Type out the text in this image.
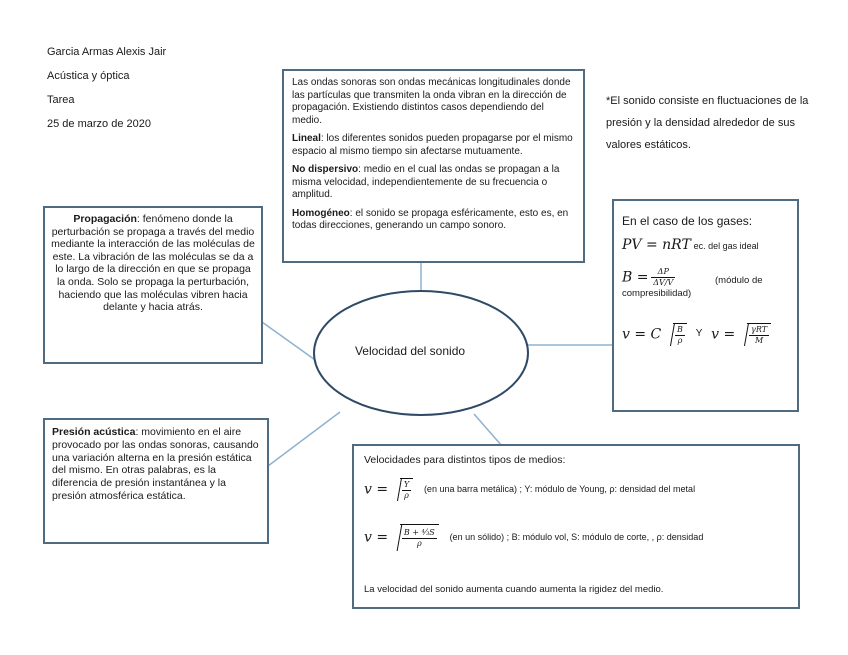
Garcia Armas Alexis Jair
Acústica y óptica
Tarea
25 de marzo de 2020
Velocidad del sonido

Las ondas sonoras son ondas mecánicas longitudinales donde las partículas que transmiten la onda vibran en la dirección de propagación. Existiendo distintos casos dependiendo del medio.

Lineal: los diferentes sonidos pueden propagarse por el mismo espacio al mismo tiempo sin afectarse mutuamente.

No dispersivo: medio en el cual las ondas se propagan a la misma velocidad, independientemente de su frecuencia o amplitud.

Homogéneo: el sonido se propaga esféricamente, esto es, en todas direcciones, generando un campo sonoro.

*El sonido consiste en fluctuaciones de la presión y la densidad alrededor de sus valores estáticos.
Propagación: fenómeno donde la perturbación se propaga a través del medio mediante la interacción de las moléculas de este. La vibración de las moléculas se da a lo largo de la dirección en que se propaga la onda. Solo se propaga la perturbación, haciendo que las moléculas vibren hacia delante y hacia atrás.
Presión acústica: movimiento en el aire provocado por las ondas sonoras, causando una variación alterna en la presión estática del mismo. En otras palabras, es la diferencia de presión instantánea y la presión atmosférica estática.
En el caso de los gases:
PV = nRT ec. del gas ideal
$B = \frac{\Delta P}{\Delta V/V}$	(módulo de compresibilidad)
v = C $\frac{B}{\rho}$ Y $v = \frac{\text{γRT}}{M}$
Velocidades para distintos tipos de medios:
$v = \frac{Y}{\rho} (en$ una barra metálica) ; Y: módulo de Young, ρ: densidad del metal
$v = \frac{\text{B + ⁴⁄₃S}}{\rho} (en$ un sólido) ; B: módulo vol, S: módulo de corte, , ρ: densidad
La velocidad del sonido aumenta cuando aumenta la rigidez del medio.
